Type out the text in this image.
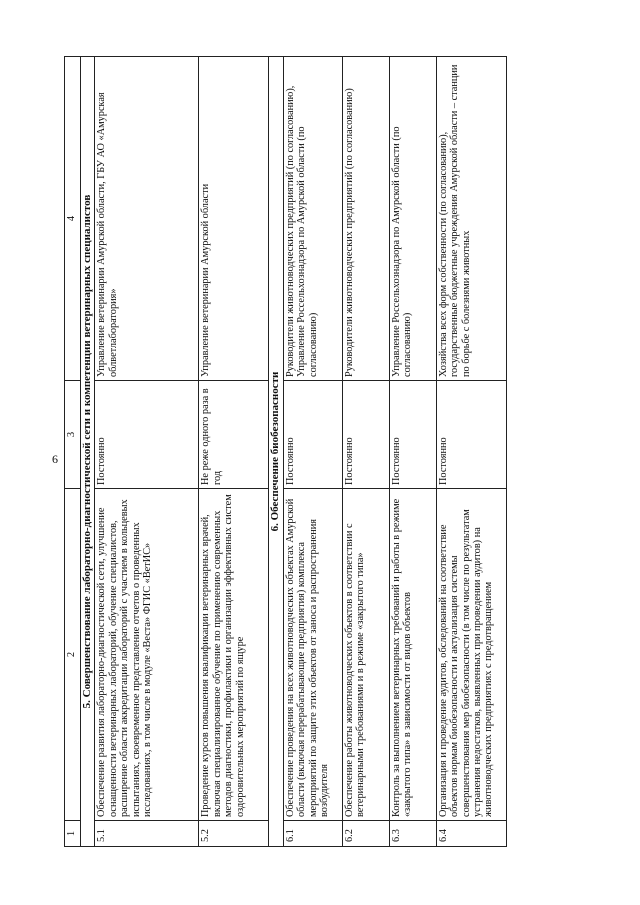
6
1	2	3	4
5. Совершенствование лабораторно-диагностической сети и компетенции ветеринарных специалистов			
5.1	Обеспечение развития лабораторно-диагностической сети, улучшение оснащенности ветеринарных лабораторий, обучение специалистов, расширение области аккредитации лабораторий с участием в кольцевых испытаниях, своевременное представление отчетов о проведенных исследованиях, в том числе в модуле «Веста» ФГИС «ВетИС»	Постоянно	Управление ветеринарии Амурской области, ГБУ АО «Амурская облветлаборатория»
5.2	Проведение курсов повышения квалификации ветеринарных врачей, включая специализированное обучение по применению современных методов диагностики, профилактики и организации эффективных систем оздоровительных мероприятий по ящуре	Не реже одного раза в год	Управление ветеринарии Амурской области
6. Обеспечение биобезопасности			
6.1	Обеспечение проведения на всех животноводческих объектах Амурской области (включая перерабатывающие предприятия) комплекса мероприятий по защите этих объектов от заноса и распространения возбудителя	Постоянно	Руководители животноводческих предприятий (по согласованию), Управление Россельхознадзора по Амурской области (по согласованию)
6.2	Обеспечение работы животноводческих объектов в соответствии с ветеринарными требованиями и в режиме «закрытого типа»	Постоянно	Руководители животноводческих предприятий (по согласованию)
6.3	Контроль за выполнением ветеринарных требований и работы в режиме «закрытого типа» в зависимости от видов объектов	Постоянно	Управление Россельхознадзора по Амурской области (по согласованию)
6.4	Организация и проведение аудитов, обследований на соответствие объектов нормам биобезопасности и актуализация системы совершенствования мер биобезопасности (в том числе по результатам устранения недостатков, выявленных при проведении аудитов) на животноводческих предприятиях с предотвращением	Постоянно	Хозяйства всех форм собственности (по согласованию), государственные бюджетные учреждения Амурской области – станции по борьбе с болезнями животных
